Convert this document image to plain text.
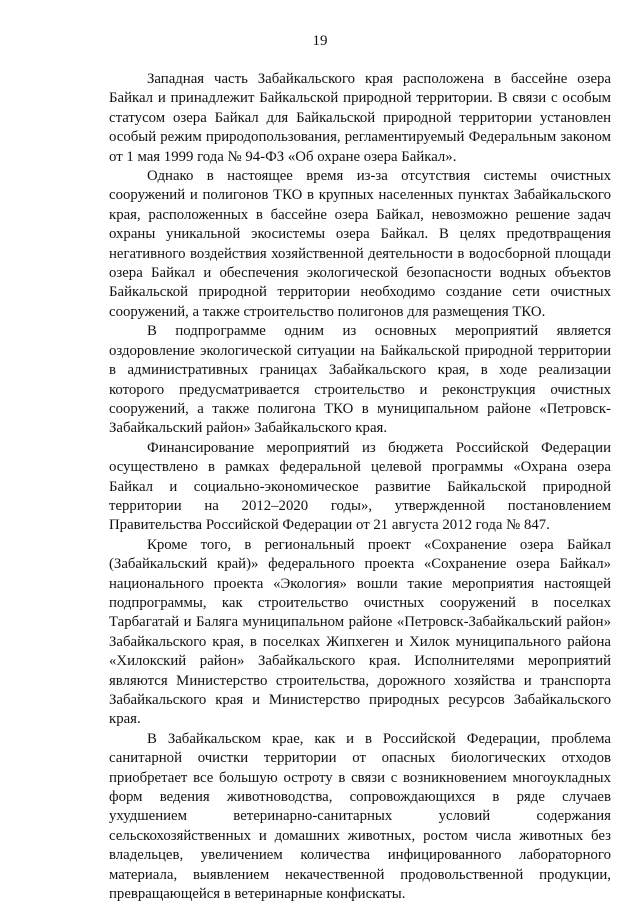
19

Западная часть Забайкальского края расположена в бассейне озера Байкал и принадлежит Байкальской природной территории. В связи с особым статусом озера Байкал для Байкальской природной территории установлен особый режим природопользования, регламентируемый Федеральным законом от 1 мая 1999 года № 94-ФЗ «Об охране озера Байкал».

Однако в настоящее время из-за отсутствия системы очистных сооружений и полигонов ТКО в крупных населенных пунктах Забайкальского края, расположенных в бассейне озера Байкал, невозможно решение задач охраны уникальной экосистемы озера Байкал. В целях предотвращения негативного воздействия хозяйственной деятельности в водосборной площади озера Байкал и обеспечения экологической безопасности водных объектов Байкальской природной территории необходимо создание сети очистных сооружений, а также строительство полигонов для размещения ТКО.

В подпрограмме одним из основных мероприятий является оздоровление экологической ситуации на Байкальской природной территории в административных границах Забайкальского края, в ходе реализации которого предусматривается строительство и реконструкция очистных сооружений, а также полигона ТКО в муниципальном районе «Петровск-Забайкальский район» Забайкальского края.

Финансирование мероприятий из бюджета Российской Федерации осуществлено в рамках федеральной целевой программы «Охрана озера Байкал и социально-экономическое развитие Байкальской природной территории на 2012–2020 годы», утвержденной постановлением Правительства Российской Федерации от 21 августа 2012 года № 847.

Кроме того, в региональный проект «Сохранение озера Байкал (Забайкальский край)» федерального проекта «Сохранение озера Байкал» национального проекта «Экология» вошли такие мероприятия настоящей подпрограммы, как строительство очистных сооружений в поселках Тарбагатай и Баляга муниципальном районе «Петровск-Забайкальский район» Забайкальского края, в поселках Жипхеген и Хилок муниципального района «Хилокский район» Забайкальского края. Исполнителями мероприятий являются Министерство строительства, дорожного хозяйства и транспорта Забайкальского края и Министерство природных ресурсов Забайкальского края.

В Забайкальском крае, как и в Российской Федерации, проблема санитарной очистки территории от опасных биологических отходов приобретает все большую остроту в связи с возникновением многоукладных форм ведения животноводства, сопровождающихся в ряде случаев ухудшением ветеринарно-санитарных условий содержания сельскохозяйственных и домашних животных, ростом числа животных без владельцев, увеличением количества инфицированного лабораторного материала, выявлением некачественной продовольственной продукции, превращающейся в ветеринарные конфискаты.
